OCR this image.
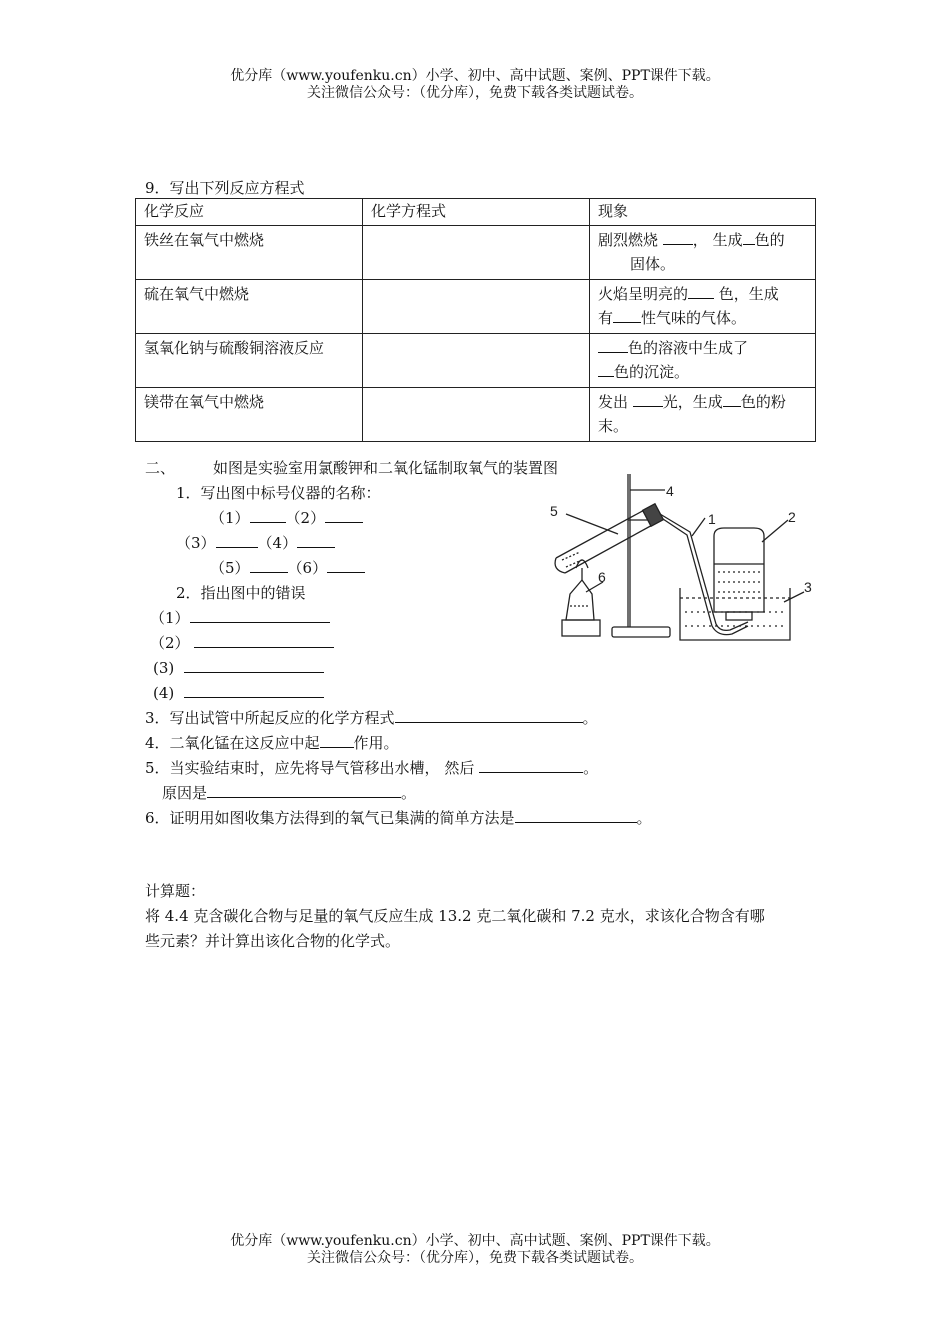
优分库（www.youfenku.cn）小学、初中、高中试题、案例、PPT课件下载。
关注微信公众号：（优分库），免费下载各类试题试卷。
9．写出下列反应方程式
化学反应	化学方程式	现象
铁丝在氧气中燃烧		剧烈燃烧 ， 生成 色的
固体。

硫在氧气中燃烧		火焰呈明亮的 色，生成
有 性气味的气体。
氢氧化钠与硫酸铜溶液反应		色的溶液中生成了
色的沉淀。
镁带在氧气中燃烧		发出 光，生成 色的粉
末。
二、	如图是实验室用氯酸钾和二氧化锰制取氧气的装置图
1．写出图中标号仪器的名称：
（1） （2）
（3）	（4）
（5）	（6）
2．指出图中的错误
（1）
（2）
(3)
(4)
3．写出试管中所起反应的化学方程式	。
4．二氧化锰在这反应中起 作用。
5．当实验结束时，应先将导气管移出水槽， 然后	。
原因是	。
6．证明用如图收集方法得到的氧气已集满的简单方法是	。
1	2
3
4
5
6
计算题：
将 4.4 克含碳化合物与足量的氧气反应生成 13.2 克二氧化碳和 7.2 克水，求该化合物含有哪
些元素？并计算出该化合物的化学式。
优分库（www.youfenku.cn）小学、初中、高中试题、案例、PPT课件下载。
关注微信公众号：（优分库），免费下载各类试题试卷。
